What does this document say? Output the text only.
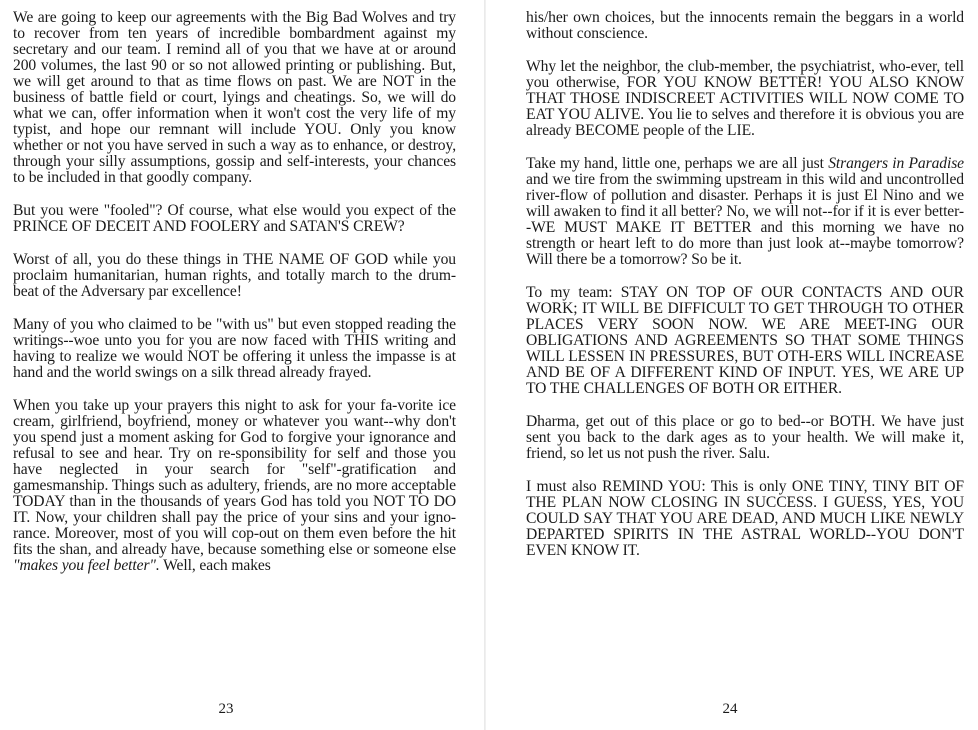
We are going to keep our agreements with the Big Bad Wolves and try to recover from ten years of incredible bombardment against my secretary and our team. I remind all of you that we have at or around 200 volumes, the last 90 or so not allowed printing or publishing. But, we will get around to that as time flows on past. We are NOT in the business of battle field or court, lyings and cheatings. So, we will do what we can, offer information when it won't cost the very life of my typist, and hope our remnant will include YOU. Only you know whether or not you have served in such a way as to enhance, or destroy, through your silly assumptions, gossip and self-interests, your chances to be included in that goodly company.

But you were "fooled"? Of course, what else would you expect of the PRINCE OF DECEIT AND FOOLERY and SATAN'S CREW?

Worst of all, you do these things in THE NAME OF GOD while you proclaim humanitarian, human rights, and totally march to the drum-beat of the Adversary par excellence!

Many of you who claimed to be "with us" but even stopped reading the writings--woe unto you for you are now faced with THIS writing and having to realize we would NOT be offering it unless the impasse is at hand and the world swings on a silk thread already frayed.

When you take up your prayers this night to ask for your fa-vorite ice cream, girlfriend, boyfriend, money or whatever you want--why don't you spend just a moment asking for God to forgive your ignorance and refusal to see and hear. Try on re-sponsibility for self and those you have neglected in your search for "self"-gratification and gamesmanship. Things such as adultery, friends, are no more acceptable TODAY than in the thousands of years God has told you NOT TO DO IT. Now, your children shall pay the price of your sins and your igno-rance. Moreover, most of you will cop-out on them even before the hit fits the shan, and already have, because something else or someone else "makes you feel better". Well, each makes

23

his/her own choices, but the innocents remain the beggars in a world without conscience.

Why let the neighbor, the club-member, the psychiatrist, who-ever, tell you otherwise, FOR YOU KNOW BETTER! YOU ALSO KNOW THAT THOSE INDISCREET ACTIVITIES WILL NOW COME TO EAT YOU ALIVE. You lie to selves and therefore it is obvious you are already BECOME people of the LIE.

Take my hand, little one, perhaps we are all just Strangers in Paradise and we tire from the swimming upstream in this wild and uncontrolled river-flow of pollution and disaster. Perhaps it is just El Nino and we will awaken to find it all better? No, we will not--for if it is ever better--WE MUST MAKE IT BETTER and this morning we have no strength or heart left to do more than just look at--maybe tomorrow? Will there be a tomorrow? So be it.

To my team: STAY ON TOP OF OUR CONTACTS AND OUR WORK; IT WILL BE DIFFICULT TO GET THROUGH TO OTHER PLACES VERY SOON NOW. WE ARE MEET-ING OUR OBLIGATIONS AND AGREEMENTS SO THAT SOME THINGS WILL LESSEN IN PRESSURES, BUT OTH-ERS WILL INCREASE AND BE OF A DIFFERENT KIND OF INPUT. YES, WE ARE UP TO THE CHALLENGES OF BOTH OR EITHER.

Dharma, get out of this place or go to bed--or BOTH. We have just sent you back to the dark ages as to your health. We will make it, friend, so let us not push the river. Salu.

I must also REMIND YOU: This is only ONE TINY, TINY BIT OF THE PLAN NOW CLOSING IN SUCCESS. I GUESS, YES, YOU COULD SAY THAT YOU ARE DEAD, AND MUCH LIKE NEWLY DEPARTED SPIRITS IN THE ASTRAL WORLD--YOU DON'T EVEN KNOW IT.

24
